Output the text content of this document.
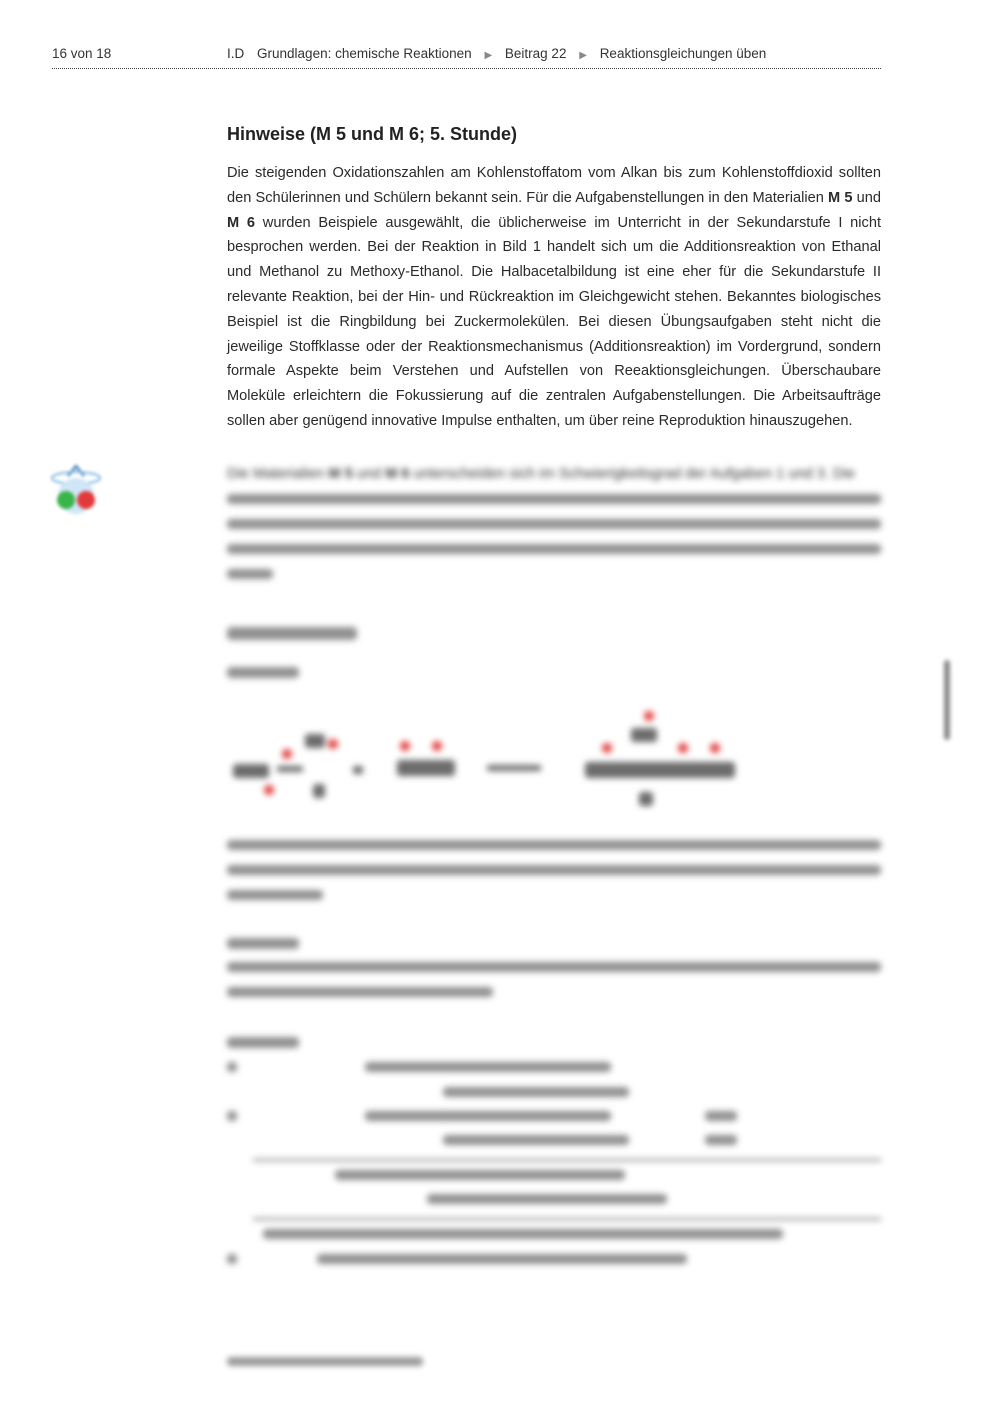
16 von 18	I.D Grundlagen: chemische Reaktionen ▶ Beitrag 22 ▶ Reaktionsgleichungen üben
Hinweise (M 5 und M 6; 5. Stunde)

Die steigenden Oxidationszahlen am Kohlenstoffatom vom Alkan bis zum Kohlenstoffdioxid sollten den Schülerinnen und Schülern bekannt sein. Für die Aufgabenstellungen in den Materialien M 5 und M 6 wurden Beispiele ausgewählt, die üblicherweise im Unterricht in der Sekundarstufe I nicht besprochen werden. Bei der Reaktion in Bild 1 handelt sich um die Additionsreaktion von Ethanal und Methanol zu Methoxy-Ethanol. Die Halbacetalbildung ist eine eher für die Sekundarstufe II relevante Reaktion, bei der Hin- und Rückreaktion im Gleichgewicht stehen. Bekanntes biologisches Beispiel ist die Ringbildung bei Zuckermolekülen. Bei diesen Übungsaufgaben steht nicht die jeweilige Stoffklasse oder der Reaktionsmechanismus (Additionsreaktion) im Vordergrund, sondern formale Aspekte beim Verstehen und Aufstellen von Reeaktionsgleichungen. Überschaubare Moleküle erleichtern die Fokussierung auf die zentralen Aufgabenstellungen. Die Arbeitsaufträge sollen aber genügend innovative Impulse enthalten, um über reine Reproduktion hinauszugehen.

Die Materialien M 5 und M 6 unterscheiden sich im Schwierigkeitsgrad der Aufgaben 1 und 3. Die
